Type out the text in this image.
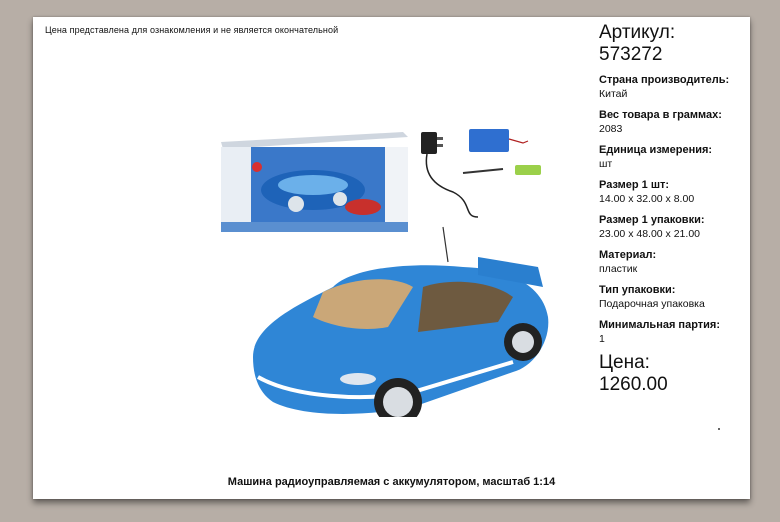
Цена представлена для ознакомления и не является окончательной	Артикул:
573272
Страна производитель:
Китай
Вес товара в граммах:
2083
Единица измерения:
шт
Размер 1 шт:
14.00 x 32.00 x 8.00
Размер 1 упаковки:
23.00 x 48.00 x 21.00
Материал:
пластик
Тип упаковки:
Подарочная упаковка
Минимальная партия:
1
Цена:
1260.00
Машина радиоуправляемая с аккумулятором, масштаб 1:14
